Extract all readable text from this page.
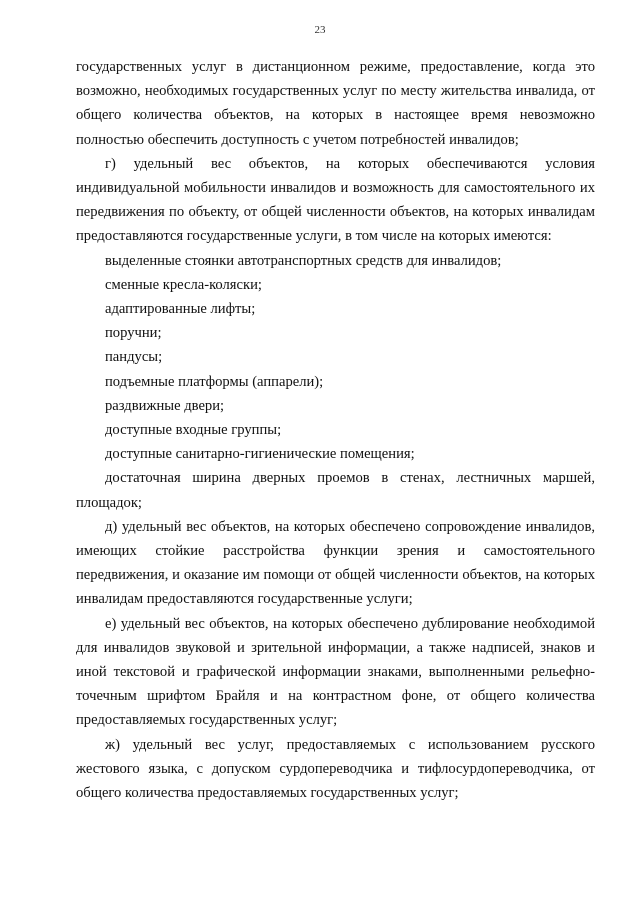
23

государственных услуг в дистанционном режиме, предоставление, когда это возможно, необходимых государственных услуг по месту жительства инвалида, от общего количества объектов, на которых в настоящее время невозможно полностью обеспечить доступность с учетом потребностей инвалидов;

г) удельный вес объектов, на которых обеспечиваются условия индивидуальной мобильности инвалидов и возможность для самостоятельного их передвижения по объекту, от общей численности объектов, на которых инвалидам предоставляются государственные услуги, в том числе на которых имеются:

выделенные стоянки автотранспортных средств для инвалидов;

сменные кресла-коляски;

адаптированные лифты;

поручни;

пандусы;

подъемные платформы (аппарели);

раздвижные двери;

доступные входные группы;

доступные санитарно-гигиенические помещения;

достаточная ширина дверных проемов в стенах, лестничных маршей, площадок;

д) удельный вес объектов, на которых обеспечено сопровождение инвалидов, имеющих стойкие расстройства функции зрения и самостоятельного передвижения, и оказание им помощи от общей численности объектов, на которых инвалидам предоставляются государственные услуги;

е) удельный вес объектов, на которых обеспечено дублирование необходимой для инвалидов звуковой и зрительной информации, а также надписей, знаков и иной текстовой и графической информации знаками, выполненными рельефно-точечным шрифтом Брайля и на контрастном фоне, от общего количества предоставляемых государственных услуг;

ж) удельный вес услуг, предоставляемых с использованием русского жестового языка, с допуском сурдопереводчика и тифлосурдопереводчика, от общего количества предоставляемых государственных услуг;
